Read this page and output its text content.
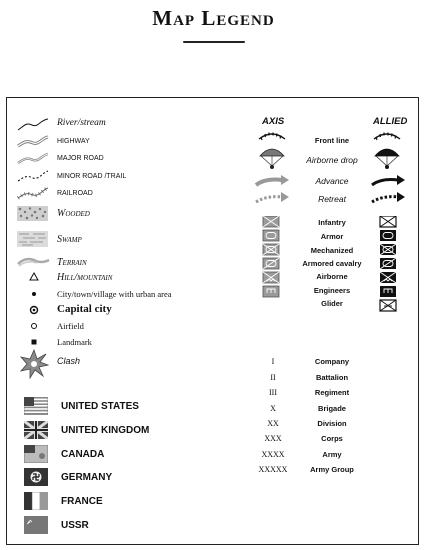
Map Legend
River/stream
HIGHWAY
MAJOR ROAD
MINOR ROAD /TRAIL
RAILROAD
Wooded
Swamp
Terrain
Hill/mountain
City/town/village with urban area
Capital city
Airfield
Landmark
Clash
AXIS	ALLIED
Front line
Airborne drop
Advance
Retreat
Infantry
Armor
Mechanized
Armored cavalry
Airborne
Engineers
Glider
I	Company
II	Battalion
III	Regiment
X	Brigade
XX	Division
XXX	Corps
XXXX	Army
XXXXX	Army Group
UNITED STATES
UNITED KINGDOM
CANADA
GERMANY
FRANCE
USSR
